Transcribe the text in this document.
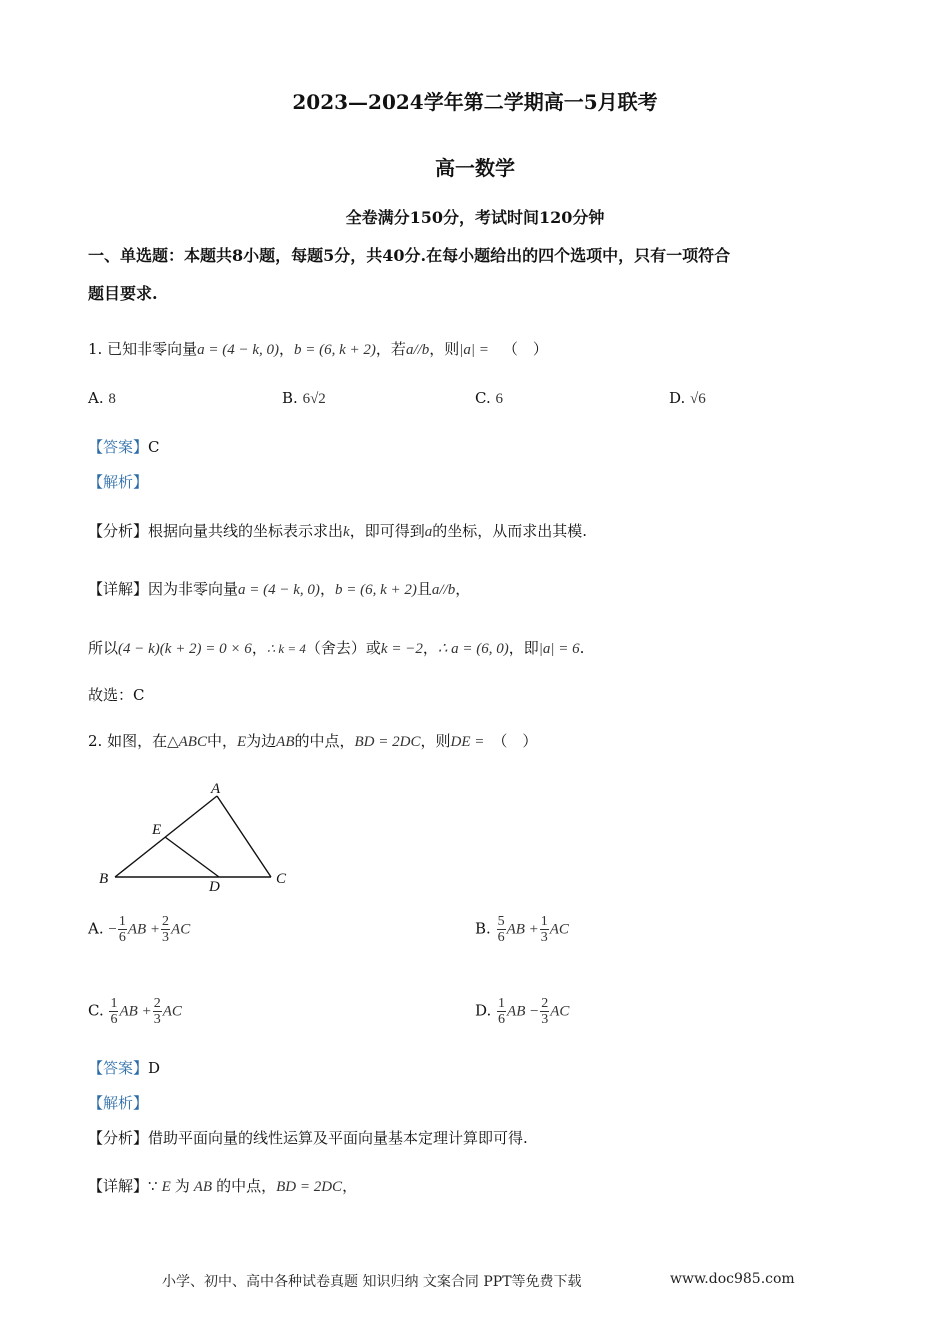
2023—2024学年第二学期高一5月联考
高一数学
全卷满分150分，考试时间120分钟
一、单选题：本题共8小题，每题5分，共40分.在每小题给出的四个选项中，只有一项符合
题目要求.
1. 已知非零向量a = (4 − k, 0)，b = (6, k + 2)，若a//b，则|a| = （　）
A. 8	B. 6√2	C. 6	D. √6
【答案】C
【解析】
【分析】根据向量共线的坐标表示求出k，即可得到a的坐标，从而求出其模.
【详解】因为非零向量a = (4 − k, 0)，b = (6, k + 2)且a//b，
所以(4 − k)(k + 2) = 0 × 6，∴ k = 4（舍去）或k = −2，∴ a = (6, 0)，即|a| = 6.
故选：C
2. 如图，在△ABC中，E为边AB的中点，BD = 2DC，则DE = （　）
A
B	C
D
E
A. − $\frac{1}{6}$ AB + $\frac{2}{3}$ AC	B. $\frac{5}{6}$ AB + $\frac{1}{3}$ AC
C. $\frac{1}{6}$ AB + $\frac{2}{3}$ AC	D. $\frac{1}{6}$ AB − $\frac{2}{3}$ AC
【答案】D
【解析】
【分析】借助平面向量的线性运算及平面向量基本定理计算即可得.
【详解】∵ E 为 AB 的中点，BD = 2DC，
小学、初中、高中各种试卷真题 知识归纳 文案合同 PPT等免费下载	www.doc985.com
